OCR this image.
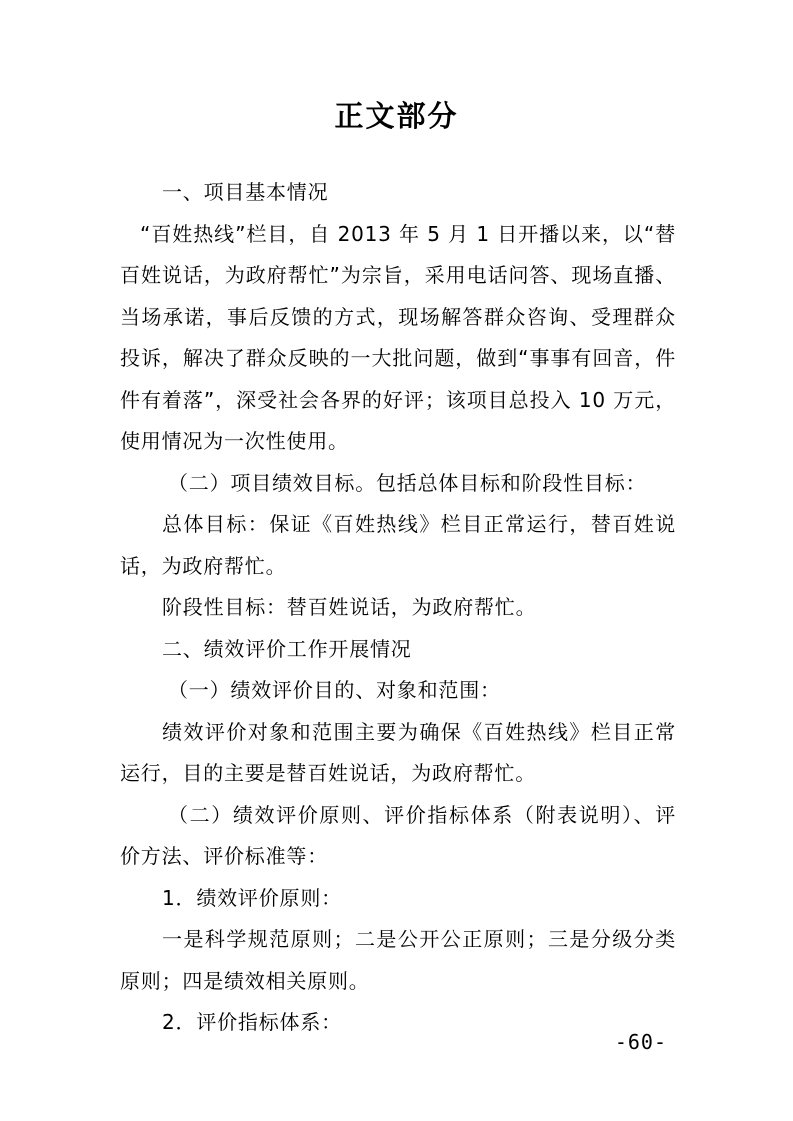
正文部分

一、项目基本情况

“百姓热线”栏目，自 2013 年 5 月 1 日开播以来，以“替百姓说话，为政府帮忙”为宗旨，采用电话问答、现场直播、当场承诺，事后反馈的方式，现场解答群众咨询、受理群众投诉，解决了群众反映的一大批问题，做到“事事有回音，件件有着落”，深受社会各界的好评；该项目总投入 10 万元，使用情况为一次性使用。

（二）项目绩效目标。包括总体目标和阶段性目标：

总体目标：保证《百姓热线》栏目正常运行，替百姓说话，为政府帮忙。

阶段性目标：替百姓说话，为政府帮忙。

二、绩效评价工作开展情况

（一）绩效评价目的、对象和范围：

绩效评价对象和范围主要为确保《百姓热线》栏目正常运行，目的主要是替百姓说话，为政府帮忙。

（二）绩效评价原则、评价指标体系（附表说明）、评价方法、评价标准等：

1．绩效评价原则：

一是科学规范原则；二是公开公正原则；三是分级分类原则；四是绩效相关原则。

2．评价指标体系：

-60-
